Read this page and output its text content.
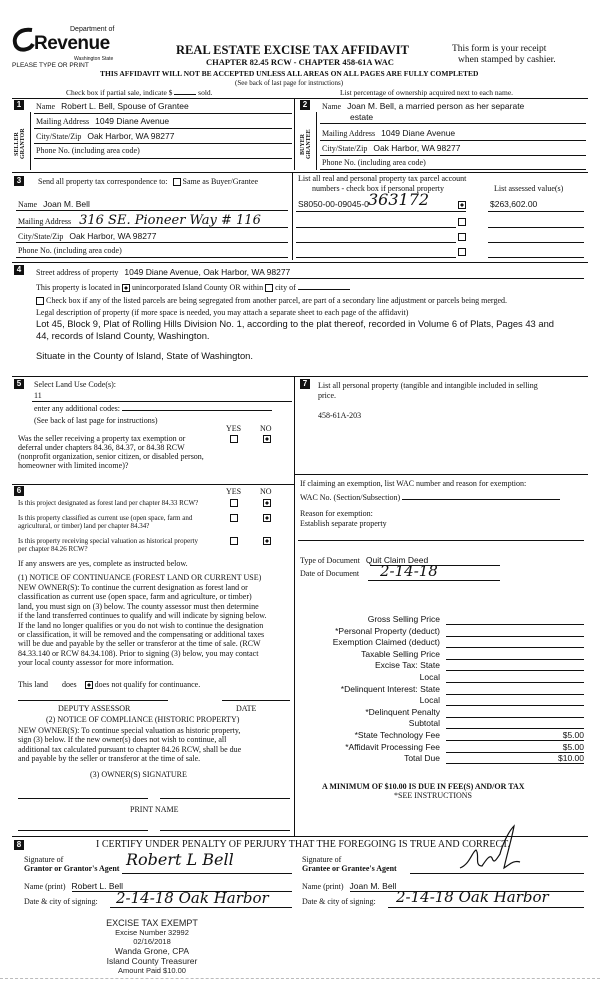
Department of
Revenue
Washington State
PLEASE TYPE OR PRINT
REAL ESTATE EXCISE TAX AFFIDAVIT
CHAPTER 82.45 RCW - CHAPTER 458-61A WAC
This form is your receipt
when stamped by cashier.
THIS AFFIDAVIT WILL NOT BE ACCEPTED UNLESS ALL AREAS ON ALL PAGES ARE FULLY COMPLETED
(See back of last page for instructions)
Check box if partial sale, indicate $	sold.	List percentage of ownership acquired next to each name.
1
SELLER GRANTOR
Name Robert L. Bell, Spouse of Grantee
Mailing Address 1049 Diane Avenue
City/State/Zip Oak Harbor, WA 98277
Phone No. (including area code)
2
BUYER GRANTEE
Name Joan M. Bell, a married person as her separate
estate
Mailing Address 1049 Diane Avenue
City/State/Zip Oak Harbor, WA 98277
Phone No. (including area code)
3	Send all property tax correspondence to: Same as Buyer/Grantee
Name Joan M. Bell
Mailing Address 316 SE. Pioneer Way # 116
City/State/Zip Oak Harbor, WA 98277
Phone No. (including area code)
List all real and personal property tax parcel account
numbers - check box if personal property	List assessed value(s)
S8050-00-09045-0 363172	$263,602.00
4	Street address of property 1049 Diane Avenue, Oak Harbor, WA 98277
This property is located in unincorporated Island County OR within city of
Check box if any of the listed parcels are being segregated from another parcel, are part of a secondary line adjustment or parcels being merged.
Legal description of property (if more space is needed, you may attach a separate sheet to each page of the affidavit)
Lot 45, Block 9, Plat of Rolling Hills Division No. 1, according to the plat thereof, recorded in Volume 6 of Plats, Pages 43 and
44, records of Island County, Washington.
Situate in the County of Island, State of Washington.
5	Select Land Use Code(s):
11
enter any additional codes:
(See back of last page for instructions)
YES NO
Was the seller receiving a property tax exemption or
deferral under chapters 84.36, 84.37, or 84.38 RCW
(nonprofit organization, senior citizen, or disabled person,
homeowner with limited income)?
7	List all personal property (tangible and intangible included in selling
price.
458-61A-203
6	YES NO
Is this project designated as forest land per chapter 84.33 RCW?
Is this property classified as current use (open space, farm and
agricultural, or timber) land per chapter 84.34?
Is this property receiving special valuation as historical property
per chapter 84.26 RCW?
If any answers are yes, complete as instructed below.
(1) NOTICE OF CONTINUANCE (FOREST LAND OR CURRENT USE)
NEW OWNER(S): To continue the current designation as forest land or
classification as current use (open space, farm and agriculture, or timber)
land, you must sign on (3) below. The county assessor must then determine
if the land transferred continues to qualify and will indicate by signing below.
If the land no longer qualifies or you do not wish to continue the designation
or classification, it will be removed and the compensating or additional taxes
will be due and payable by the seller or transferor at the time of sale. (RCW
84.33.140 or RCW 84.34.108). Prior to signing (3) below, you may contact
your local county assessor for more information.
This land does does not qualify for continuance.
DEPUTY ASSESSOR	DATE
(2) NOTICE OF COMPLIANCE (HISTORIC PROPERTY)
NEW OWNER(S): To continue special valuation as historic property,
sign (3) below. If the new owner(s) does not wish to continue, all
additional tax calculated pursuant to chapter 84.26 RCW, shall be due
and payable by the seller or transferor at the time of sale.
(3) OWNER(S) SIGNATURE
PRINT NAME
If claiming an exemption, list WAC number and reason for exemption:
WAC No. (Section/Subsection)
Reason for exemption:
Establish separate property
Type of Document Quit Claim Deed
Date of Document 2-14-18
Gross Selling Price
*Personal Property (deduct)
Exemption Claimed (deduct)
Taxable Selling Price
Excise Tax: State
Local
*Delinquent Interest: State
Local
*Delinquent Penalty
Subtotal
*State Technology Fee	$5.00
*Affidavit Processing Fee	$5.00
Total Due	$10.00
A MINIMUM OF $10.00 IS DUE IN FEE(S) AND/OR TAX
*SEE INSTRUCTIONS
8	I CERTIFY UNDER PENALTY OF PERJURY THAT THE FOREGOING IS TRUE AND CORRECT.
Signature of
Grantor or Grantor's Agent Robert L Bell
Name (print) Robert L. Bell
Date & city of signing: 2-14-18 Oak Harbor
Signature of
Grantee or Grantee's Agent
Name (print) Joan M. Bell
Date & city of signing: 2-14-18 Oak Harbor
EXCISE TAX EXEMPT
Excise Number 32992
02/16/2018
Wanda Grone, CPA
Island County Treasurer
Amount Paid $10.00
